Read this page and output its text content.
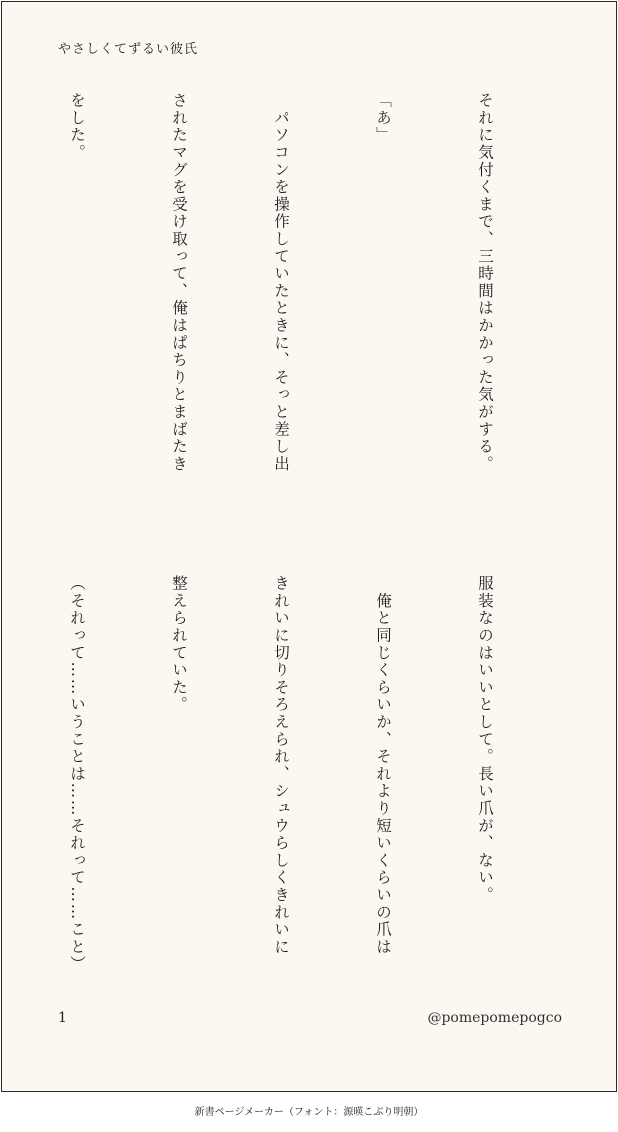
やさしくてずるい彼氏

それに気付くまで、三時間はかかった気がする。

「あ」

　パソコンを操作していたときに、そっと差し出

されたマグを受け取って、俺はぱちりとまばたき

をした。

服装なのはいいとして。長い爪が、ない。

　俺と同じくらいか、それより短いくらいの爪は

きれいに切りそろえられ、シュウらしくきれいに

整えられていた。

（それって……いうことは……それって……こと）

1	@pomepomepogco
新書ページメーカー（フォント：源暎こぶり明朝）
